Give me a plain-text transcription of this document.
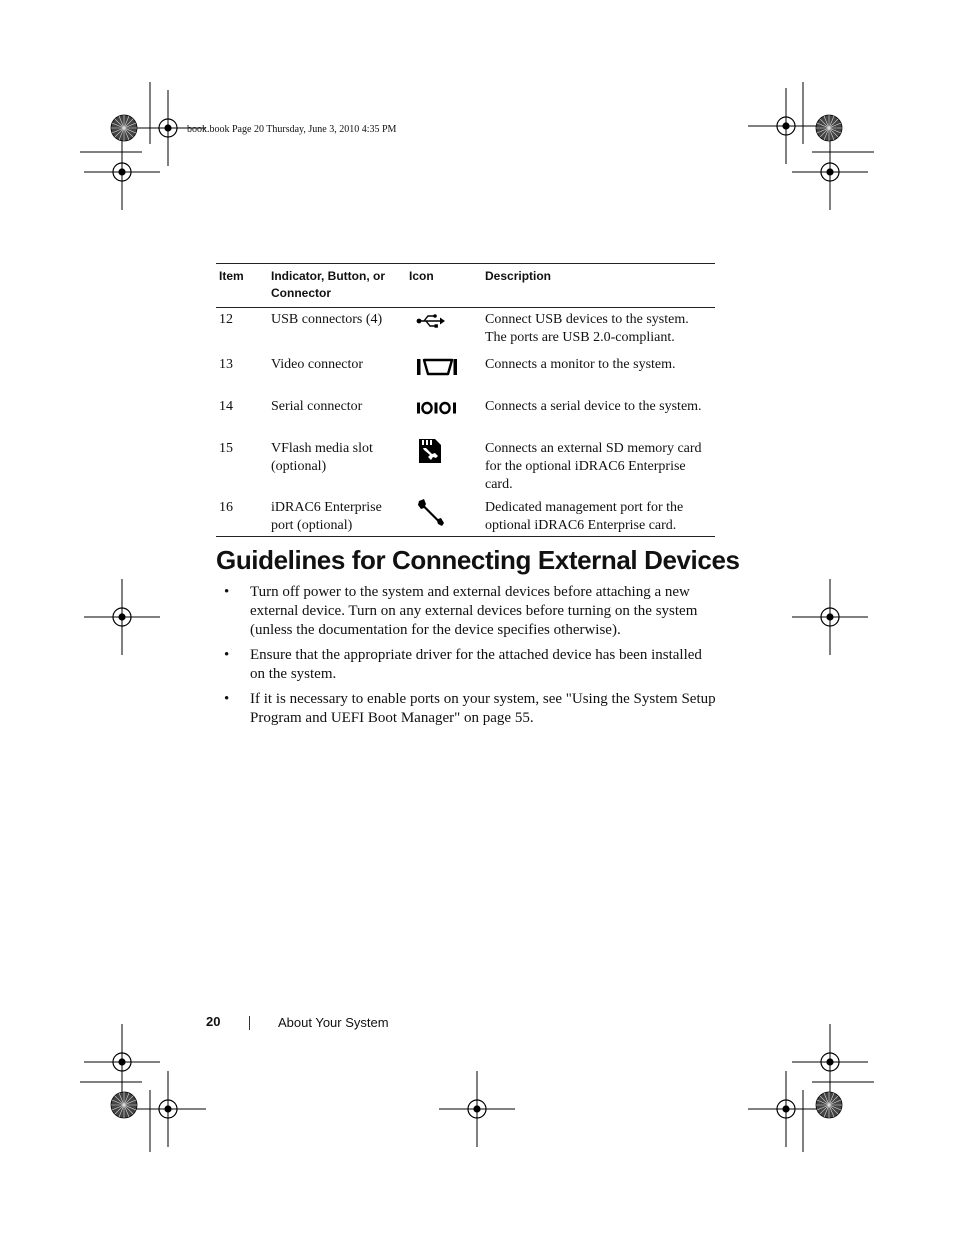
book.book Page 20 Thursday, June 3, 2010 4:35 PM
Item	Indicator, Button, or Connector	Icon	Description
12	USB connectors (4)		Connect USB devices to the system. The ports are USB 2.0-compliant.
13	Video connector		Connects a monitor to the system.
14	Serial connector		Connects a serial device to the system.
15	VFlash media slot (optional)		Connects an external SD memory card for the optional iDRAC6 Enterprise card.
16	iDRAC6 Enterprise port (optional)		Dedicated management port for the optional iDRAC6 Enterprise card.
Guidelines for Connecting External Devices
• Turn off power to the system and external devices before attaching a new external device. Turn on any external devices before turning on the system (unless the documentation for the device specifies otherwise).
• Ensure that the appropriate driver for the attached device has been installed on the system.
• If it is necessary to enable ports on your system, see "Using the System Setup Program and UEFI Boot Manager" on page 55.
20	About Your System
